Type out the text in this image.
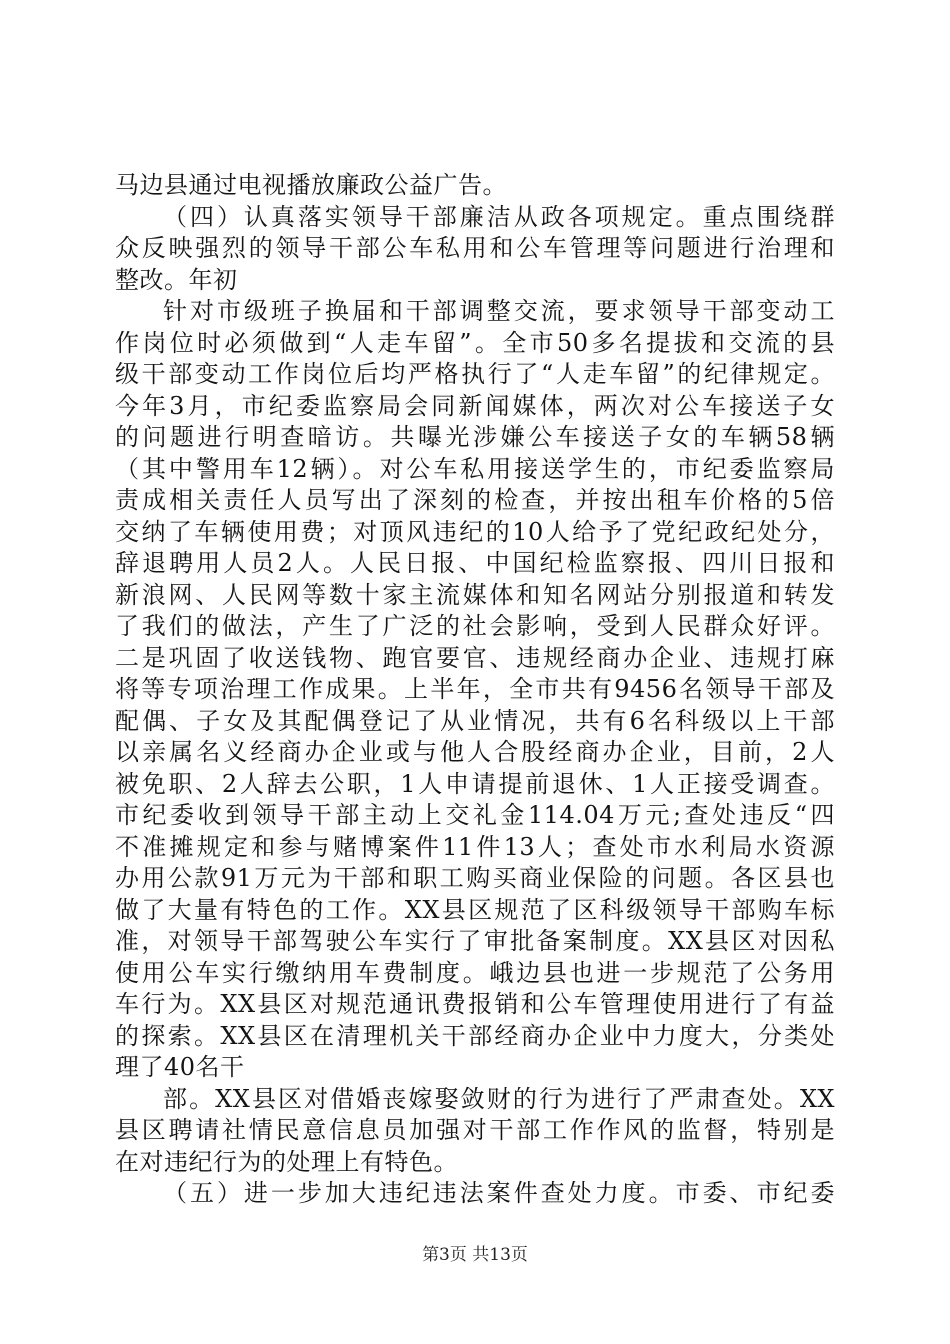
马边县通过电视播放廉政公益广告。
（四）认真落实领导干部廉洁从政各项规定。重点围绕群
众反映强烈的领导干部公车私用和公车管理等问题进行治理和
整改。年初
针对市级班子换届和干部调整交流，要求领导干部变动工
作岗位时必须做到“人走车留”。全市50多名提拔和交流的县
级干部变动工作岗位后均严格执行了“人走车留”的纪律规定。
今年3月，市纪委监察局会同新闻媒体，两次对公车接送子女
的问题进行明查暗访。共曝光涉嫌公车接送子女的车辆58辆
（其中警用车12辆）。对公车私用接送学生的，市纪委监察局
责成相关责任人员写出了深刻的检查，并按出租车价格的5倍
交纳了车辆使用费；对顶风违纪的10人给予了党纪政纪处分，
辞退聘用人员2人。人民日报、中国纪检监察报、四川日报和
新浪网、人民网等数十家主流媒体和知名网站分别报道和转发
了我们的做法，产生了广泛的社会影响，受到人民群众好评。
二是巩固了收送钱物、跑官要官、违规经商办企业、违规打麻
将等专项治理工作成果。上半年，全市共有9456名领导干部及
配偶、子女及其配偶登记了从业情况，共有6名科级以上干部
以亲属名义经商办企业或与他人合股经商办企业，目前，2人
被免职、2人辞去公职，1人申请提前退休、1人正接受调查。
市纪委收到领导干部主动上交礼金114.04万元;查处违反“四
不准摊规定和参与赌博案件11件13人；查处市水利局水资源
办用公款91万元为干部和职工购买商业保险的问题。各区县也
做了大量有特色的工作。XX县区规范了区科级领导干部购车标
准，对领导干部驾驶公车实行了审批备案制度。XX县区对因私
使用公车实行缴纳用车费制度。峨边县也进一步规范了公务用
车行为。XX县区对规范通讯费报销和公车管理使用进行了有益
的探索。XX县区在清理机关干部经商办企业中力度大，分类处
理了40名干
部。XX县区对借婚丧嫁娶敛财的行为进行了严肃查处。XX
县区聘请社情民意信息员加强对干部工作作风的监督，特别是
在对违纪行为的处理上有特色。
（五）进一步加大违纪违法案件查处力度。市委、市纪委
第3页 共13页
